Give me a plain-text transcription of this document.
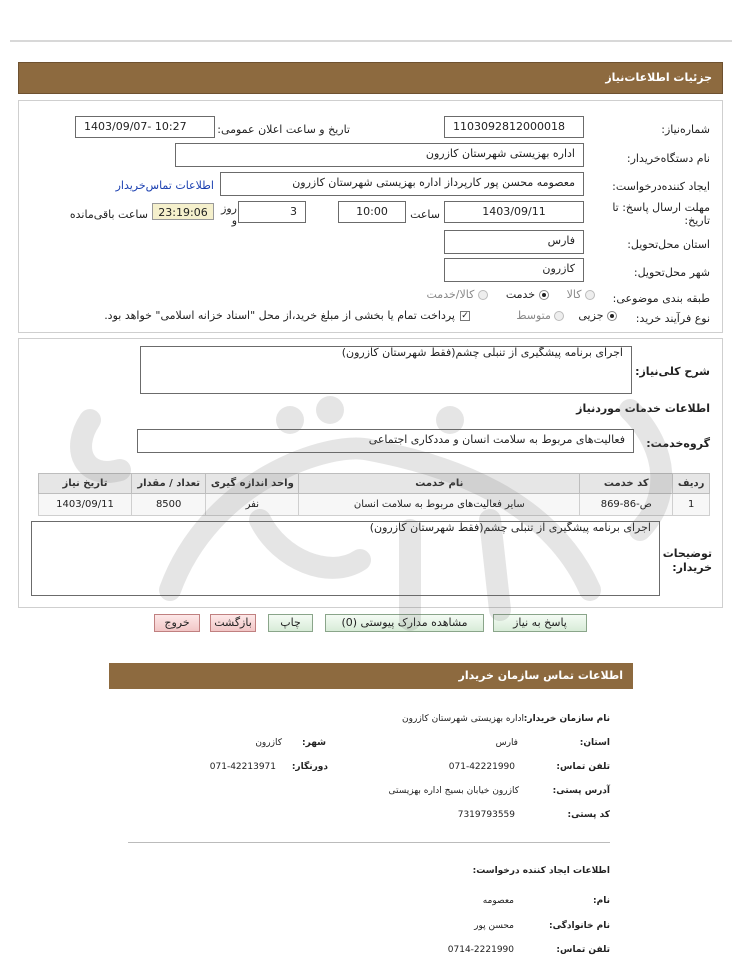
جزئیات اطلاعات‌نیاز
شماره‌نیاز:
1103092812000018
تاریخ و ساعت اعلان عمومی:
1403/09/07- 10:27
نام دستگاه‌خریدار:
اداره بهزیستی شهرستان کازرون
ایجاد کننده‌درخواست:
معصومه محسن پور کارپرداز اداره بهزیستی شهرستان کازرون
اطلاعات تماس‌خریدار
مهلت ارسال پاسخ: تا تاریخ:
1403/09/11
ساعت
10:00
3
روز و
23:19:06
ساعت باقی‌مانده
استان محل‌تحویل:
فارس
شهر محل‌تحویل:
کازرون
طبقه بندی موضوعی:
کالا
خدمت
کالا/خدمت
نوع فرآیند خرید:
جزیی
متوسط
✓
پرداخت تمام یا بخشی از مبلغ خرید،از محل "اسناد خزانه اسلامی" خواهد بود.
شرح کلی‌نیاز:
اجرای برنامه پیشگیری از تنبلی چشم(فقط شهرستان کازرون)
اطلاعات خدمات موردنیاز
گروه‌خدمت:
فعالیت‌های مربوط به سلامت انسان و مددکاری اجتماعی
ردیف	کد خدمت	نام خدمت	واحد اندازه گیری	تعداد / مقدار	تاریخ نیاز
1	ص-86-869	سایر فعالیت‌های مربوط به سلامت انسان	نفر	8500	1403/09/11
توضیحات خریدار:
اجرای برنامه پیشگیری از تنبلی چشم(فقط شهرستان کازرون)
پاسخ به نیاز
مشاهده مدارک پیوستی (0)
چاپ
بازگشت
خروج
اطلاعات تماس سازمان خریدار
نام سازمان خریدار:
اداره بهزیستی شهرستان کازرون
استان:
فارس
شهر:
کازرون
تلفن تماس:
071-42221990
دورنگار:
071-42213971
آدرس پستی:
کازرون خیابان بسیج اداره بهزیستی
کد پستی:
7319793559
اطلاعات ایجاد کننده درخواست:
نام:
معصومه
نام خانوادگی:
محسن پور
تلفن تماس:
0714-2221990
